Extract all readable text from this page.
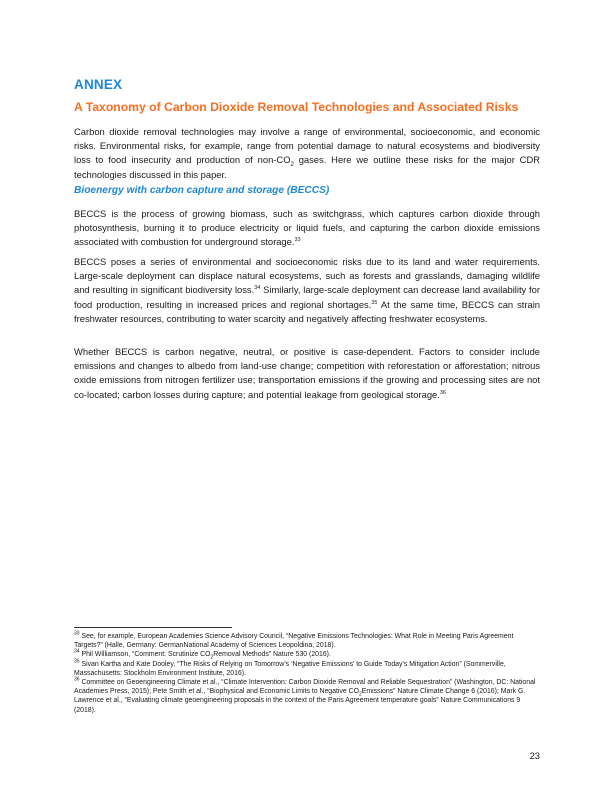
ANNEX
A Taxonomy of Carbon Dioxide Removal Technologies and Associated Risks

Carbon dioxide removal technologies may involve a range of environmental, socioeconomic, and economic risks. Environmental risks, for example, range from potential damage to natural ecosystems and biodiversity loss to food insecurity and production of non-$CO_2$ gases. Here we outline these risks for the major CDR technologies discussed in this paper.

Bioenergy with carbon capture and storage (BECCS)

BECCS is the process of growing biomass, such as switchgrass, which captures carbon dioxide through photosynthesis, burning it to produce electricity or liquid fuels, and capturing the carbon dioxide emissions associated with combustion for underground storage.$^{33}$

BECCS poses a series of environmental and socioeconomic risks due to its land and water requirements. Large-scale deployment can displace natural ecosystems, such as forests and grasslands, damaging wildlife and resulting in significant biodiversity loss.$^{34}$ Similarly, large-scale deployment can decrease land availability for food production, resulting in increased prices and regional shortages.$^{35}$ At the same time, BECCS can strain freshwater resources, contributing to water scarcity and negatively affecting freshwater ecosystems.

Whether BECCS is carbon negative, neutral, or positive is case-dependent. Factors to consider include emissions and changes to albedo from land-use change; competition with reforestation or afforestation; nitrous oxide emissions from nitrogen fertilizer use; transportation emissions if the growing and processing sites are not co-located; carbon losses during capture; and potential leakage from geological storage.$^{36}$

$^{33}$ See, for example, European Academies Science Advisory Council, “Negative Emissions Technologies: What Role in Meeting Paris Agreement Targets?” (Halle, Germany: GermanNational Academy of Sciences Leopoldina, 2018).

$^{34}$ Phil Williamson, “Comment: Scrutinize $CO_2Removal$ Methods” Nature 530 (2016).

$^{35}$ Sivan Kartha and Kate Dooley, “The Risks of Relying on Tomorrow’s ‘Negative Emissions’ to Guide Today’s Mitigation Action” (Sommerville, Massachusetts: Stockholm Environment Institute, 2016).

$^{36}$ Committee on Geoengineering Climate et al., “Climate Intervention: Carbon Dioxide Removal and Reliable Sequestration” (Washington, DC: National Academies Press, 2015); Pete Smith et al., “Biophysical and Economic Limits to Negative $CO_2Emissions$” Nature Climate Change 6 (2016); Mark G. Lawrence et al., “Evaluating climate geoengineering proposals in the context of the Paris Agreement temperature goals” Nature Communications 9 (2018).

23
